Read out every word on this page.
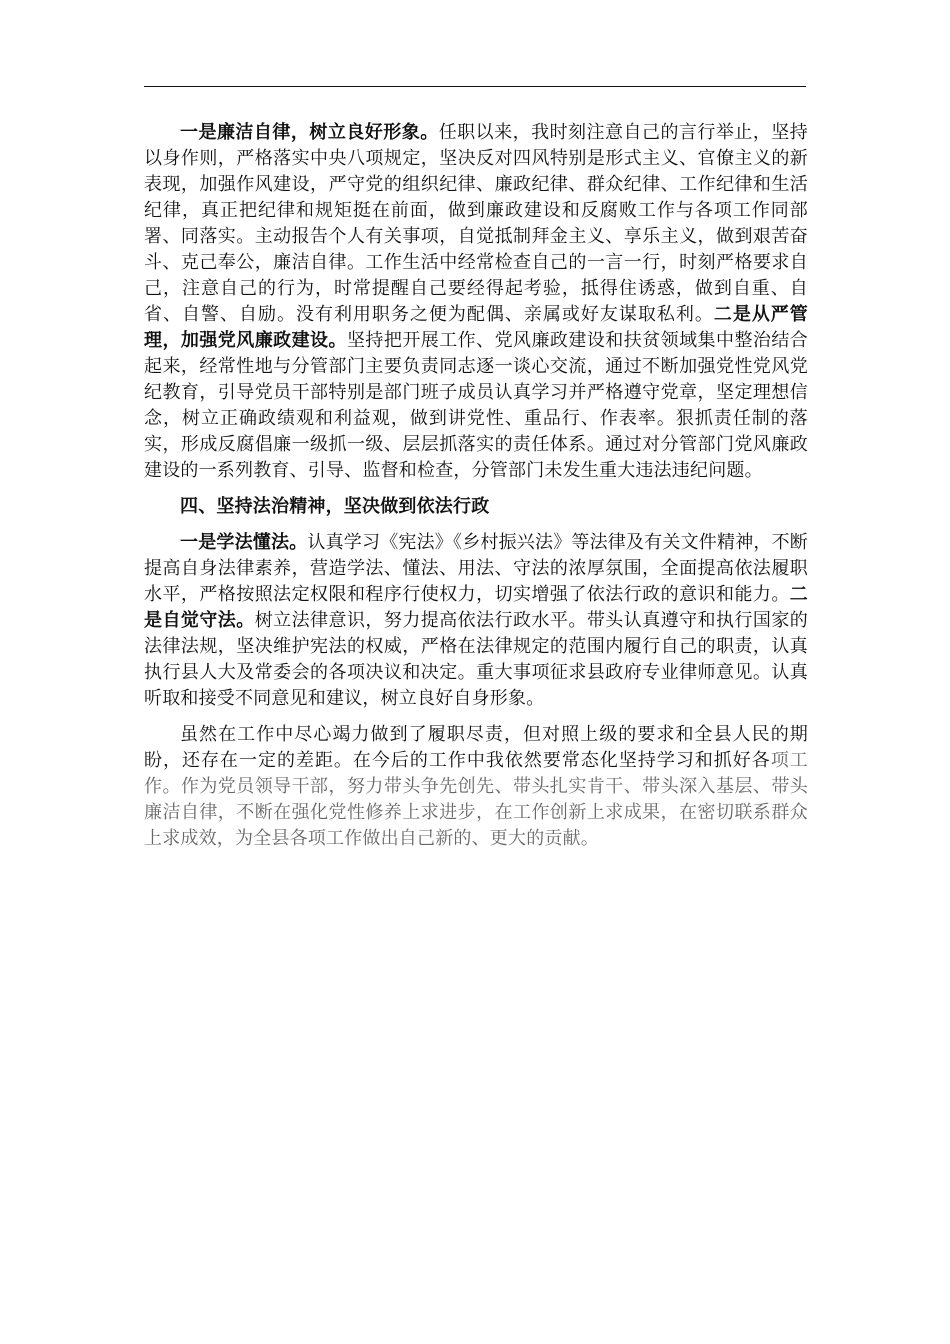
一是廉洁自律，树立良好形象。任职以来，我时刻注意自己的言行举止，坚持以身作则，严格落实中央八项规定，坚决反对四风特别是形式主义、官僚主义的新表现，加强作风建设，严守党的组织纪律、廉政纪律、群众纪律、工作纪律和生活纪律，真正把纪律和规矩挺在前面，做到廉政建设和反腐败工作与各项工作同部署、同落实。主动报告个人有关事项，自觉抵制拜金主义、享乐主义，做到艰苦奋斗、克己奉公，廉洁自律。工作生活中经常检查自己的一言一行，时刻严格要求自己，注意自己的行为，时常提醒自己要经得起考验，抵得住诱惑，做到自重、自省、自警、自励。没有利用职务之便为配偶、亲属或好友谋取私利。二是从严管理，加强党风廉政建设。坚持把开展工作、党风廉政建设和扶贫领域集中整治结合起来，经常性地与分管部门主要负责同志逐一谈心交流，通过不断加强党性党风党纪教育，引导党员干部特别是部门班子成员认真学习并严格遵守党章，坚定理想信念，树立正确政绩观和利益观，做到讲党性、重品行、作表率。狠抓责任制的落实，形成反腐倡廉一级抓一级、层层抓落实的责任体系。通过对分管部门党风廉政建设的一系列教育、引导、监督和检查，分管部门未发生重大违法违纪问题。

四、坚持法治精神，坚决做到依法行政

一是学法懂法。认真学习《宪法》《乡村振兴法》等法律及有关文件精神，不断提高自身法律素养，营造学法、懂法、用法、守法的浓厚氛围，全面提高依法履职水平，严格按照法定权限和程序行使权力，切实增强了依法行政的意识和能力。二是自觉守法。树立法律意识，努力提高依法行政水平。带头认真遵守和执行国家的法律法规，坚决维护宪法的权威，严格在法律规定的范围内履行自己的职责，认真执行县人大及常委会的各项决议和决定。重大事项征求县政府专业律师意见。认真听取和接受不同意见和建议，树立良好自身形象。

虽然在工作中尽心竭力做到了履职尽责，但对照上级的要求和全县人民的期盼，还存在一定的差距。在今后的工作中我依然要常态化坚持学习和抓好各项工作。作为党员领导干部，努力带头争先创先、带头扎实肯干、带头深入基层、带头廉洁自律，不断在强化党性修养上求进步，在工作创新上求成果，在密切联系群众上求成效，为全县各项工作做出自己新的、更大的贡献。
